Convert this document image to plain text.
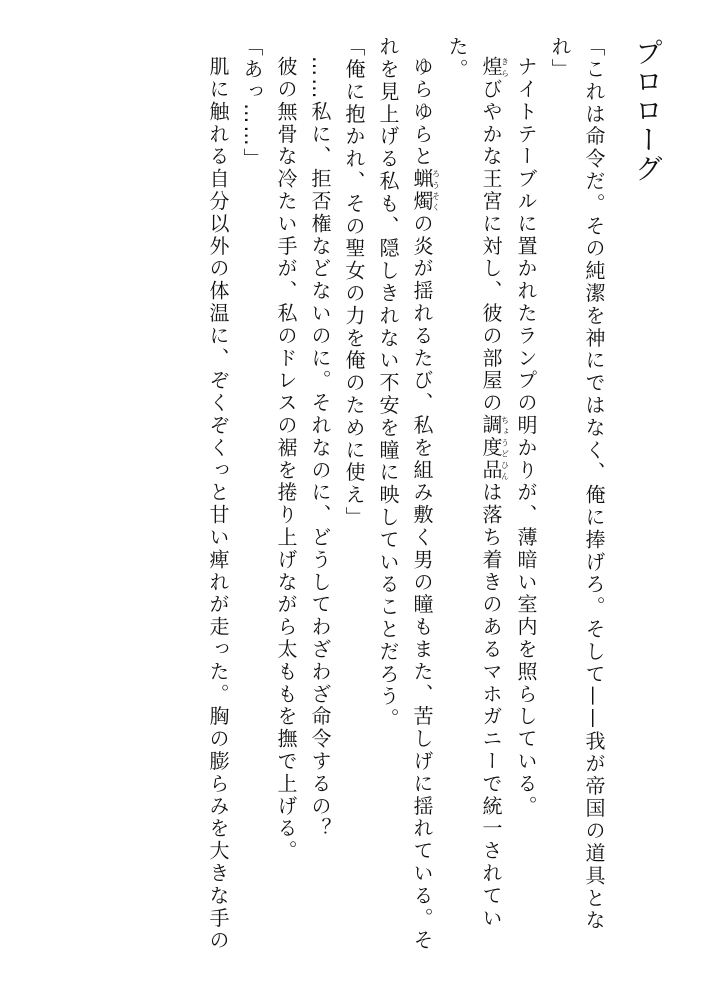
プロローグ

「これは命令だ。その純潔を神にではなく、俺に捧げろ。そして——我が帝国の道具となれ」

ナイトテーブルに置かれたランプの明かりが、薄暗い室内を照らしている。

煌きらびやかな王宮に対し、彼の部屋の調度品ちょうどひんは落ち着きのあるマホガニーで統一されていた。

ゆらゆらと蝋燭ろうそくの炎が揺れるたび、私を組み敷く男の瞳もまた、苦しげに揺れている。それを見上げる私も、隠しきれない不安を瞳に映していることだろう。

「俺に抱かれ、その聖女の力を俺のために使え」

……私に、拒否権などないのに。それなのに、どうしてわざわざ命令するの？

彼の無骨な冷たい手が、私のドレスの裾を捲り上げながら太ももを撫で上げる。

「あっ……」

肌に触れる自分以外の体温に、ぞくぞくっと甘い痺れが走った。胸の膨らみを大きな手の
